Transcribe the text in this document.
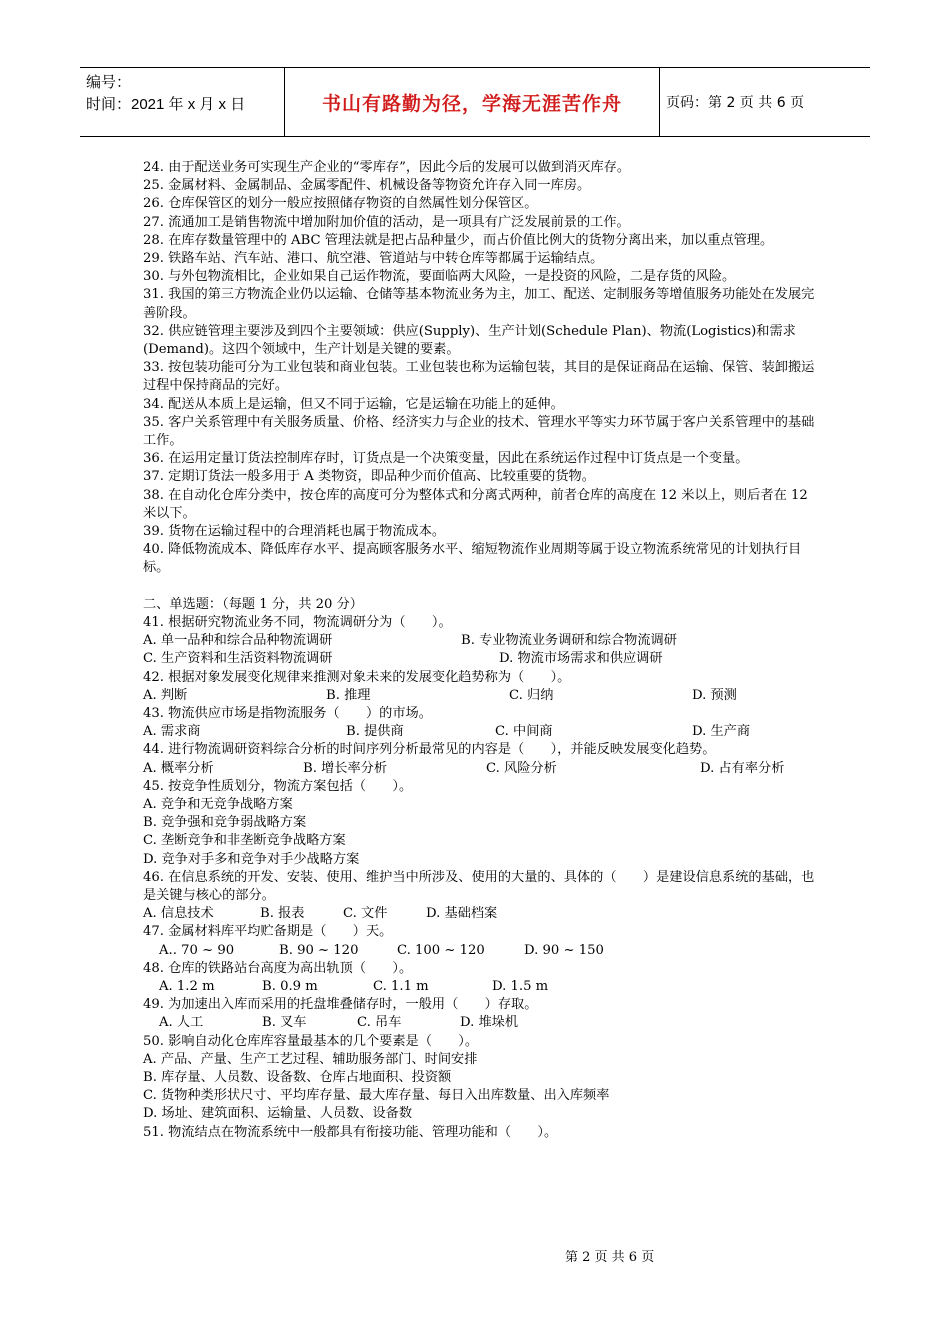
编号：
时间：2021 年 x 月 x 日	书山有路勤为径，学海无涯苦作舟	页码：第 2 页 共 6 页

24. 由于配送业务可实现生产企业的“零库存”，因此今后的发展可以做到消灭库存。

25. 金属材料、金属制品、金属零配件、机械设备等物资允许存入同一库房。

26. 仓库保管区的划分一般应按照储存物资的自然属性划分保管区。

27. 流通加工是销售物流中增加附加价值的活动，是一项具有广泛发展前景的工作。

28. 在库存数量管理中的 ABC 管理法就是把占品种量少，而占价值比例大的货物分离出来，加以重点管理。

29. 铁路车站、汽车站、港口、航空港、管道站与中转仓库等都属于运输结点。

30. 与外包物流相比，企业如果自己运作物流，要面临两大风险，一是投资的风险，二是存货的风险。

31. 我国的第三方物流企业仍以运输、仓储等基本物流业务为主，加工、配送、定制服务等增值服务功能处在发展完善阶段。

32. 供应链管理主要涉及到四个主要领域：供应(Supply)、生产计划(Schedule Plan)、物流(Logistics)和需求(Demand)。这四个领域中，生产计划是关键的要素。

33. 按包装功能可分为工业包装和商业包装。工业包装也称为运输包装，其目的是保证商品在运输、保管、装卸搬运过程中保持商品的完好。

34. 配送从本质上是运输，但又不同于运输，它是运输在功能上的延伸。

35. 客户关系管理中有关服务质量、价格、经济实力与企业的技术、管理水平等实力环节属于客户关系管理中的基础工作。

36. 在运用定量订货法控制库存时，订货点是一个决策变量，因此在系统运作过程中订货点是一个变量。

37. 定期订货法一般多用于 A 类物资，即品种少而价值高、比较重要的货物。

38. 在自动化仓库分类中，按仓库的高度可分为整体式和分离式两种，前者仓库的高度在 12 米以上，则后者在 12 米以下。

39. 货物在运输过程中的合理消耗也属于物流成本。

40. 降低物流成本、降低库存水平、提高顾客服务水平、缩短物流作业周期等属于设立物流系统常见的计划执行目标。

二、单选题：（每题 1 分，共 20 分）

41. 根据研究物流业务不同，物流调研分为（　　）。

A. 单一品种和综合品种物流调研	B. 专业物流业务调研和综合物流调研
C. 生产资料和生活资料物流调研	D. 物流市场需求和供应调研

42. 根据对象发展变化规律来推测对象未来的发展变化趋势称为（　　）。

A. 判断	B. 推理	C. 归纳	D. 预测

43. 物流供应市场是指物流服务（　　）的市场。

A. 需求商	B. 提供商	C. 中间商	D. 生产商

44. 进行物流调研资料综合分析的时间序列分析最常见的内容是（　　），并能反映发展变化趋势。

A. 概率分析	B. 增长率分析	C. 风险分析	D. 占有率分析

45. 按竞争性质划分，物流方案包括（　　）。

A. 竞争和无竞争战略方案

B. 竞争强和竞争弱战略方案

C. 垄断竞争和非垄断竞争战略方案

D. 竞争对手多和竞争对手少战略方案

46. 在信息系统的开发、安装、使用、维护当中所涉及、使用的大量的、具体的（　　）是建设信息系统的基础，也是关键与核心的部分。

A. 信息技术	B. 报表	C. 文件	D. 基础档案

47. 金属材料库平均贮备期是（　　）天。

A.. 70 ~ 90	B. 90 ~ 120	C. 100 ~ 120	D. 90 ~ 150

48. 仓库的铁路站台高度为高出轨顶（　　）。

A. 1.2 m	B. 0.9 m	C. 1.1 m	D. 1.5 m

49. 为加速出入库而采用的托盘堆叠储存时，一般用（　　）存取。

A. 人工	B. 叉车	C. 吊车	D. 堆垛机

50. 影响自动化仓库库容量最基本的几个要素是（　　）。

A. 产品、产量、生产工艺过程、辅助服务部门、时间安排

B. 库存量、人员数、设备数、仓库占地面积、投资额

C. 货物种类形状尺寸、平均库存量、最大库存量、每日入出库数量、出入库频率

D. 场址、建筑面积、运输量、人员数、设备数

51. 物流结点在物流系统中一般都具有衔接功能、管理功能和（　　）。

第 2 页 共 6 页
